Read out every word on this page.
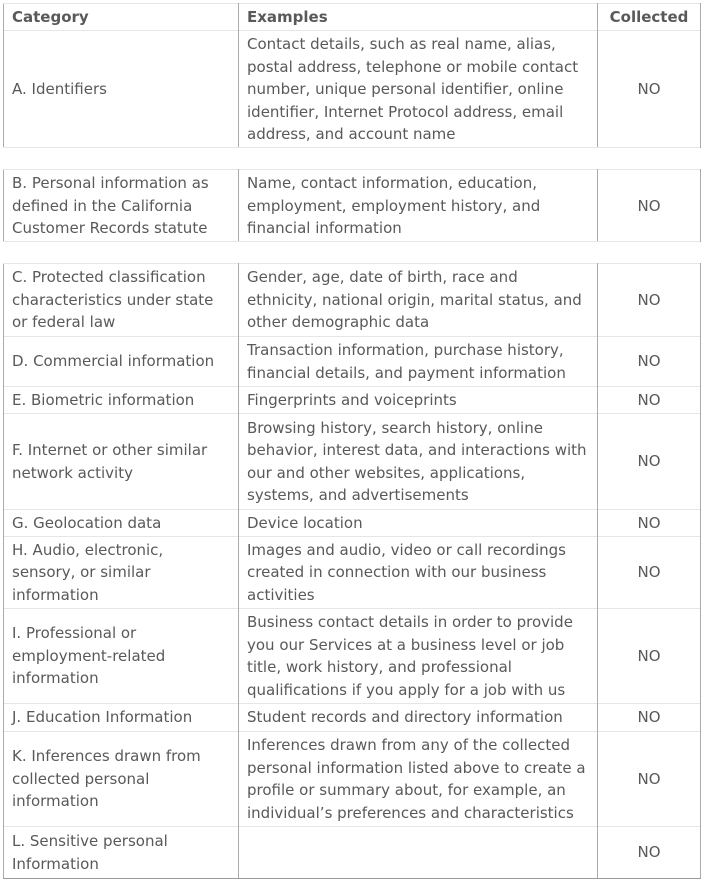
Category	Examples	Collected
A. Identifiers	Contact details, such as real name, alias, postal address, telephone or mobile contact number, unique personal identifier, online identifier, Internet Protocol address, email address, and account name	NO
B. Personal information as defined in the California Customer Records statute	Name, contact information, education, employment, employment history, and financial information	NO
C. Protected classification characteristics under state or federal law	Gender, age, date of birth, race and ethnicity, national origin, marital status, and other demographic data	NO
D. Commercial information	Transaction information, purchase history, financial details, and payment information	NO
E. Biometric information	Fingerprints and voiceprints	NO
F. Internet or other similar network activity	Browsing history, search history, online behavior, interest data, and interactions with our and other websites, applications, systems, and advertisements	NO
G. Geolocation data	Device location	NO
H. Audio, electronic, sensory, or similar information	Images and audio, video or call recordings created in connection with our business activities	NO
I. Professional or employment-related information	Business contact details in order to provide you our Services at a business level or job title, work history, and professional qualifications if you apply for a job with us	NO
J. Education Information	Student records and directory information	NO
K. Inferences drawn from collected personal information	Inferences drawn from any of the collected personal information listed above to create a profile or summary about, for example, an individual’s preferences and characteristics	NO
L. Sensitive personal Information		NO
